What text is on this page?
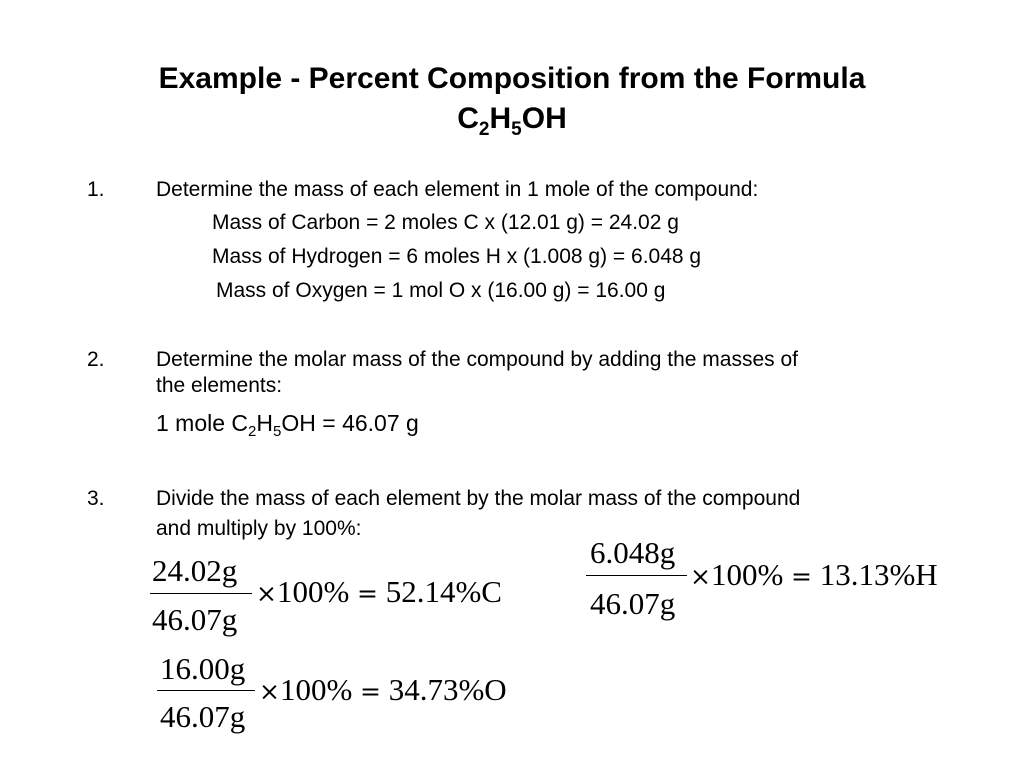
Example - Percent Composition from the Formula
$C_2H_5OH$
1. Determine the mass of each element in 1 mole of the compound:
Mass of Carbon = 2 moles C x (12.01 g) = 24.02 g
Mass of Hydrogen = 6 moles H x (1.008 g) = 6.048 g
Mass of Oxygen = 1 mol O x (16.00 g) = 16.00 g
2. Determine the molar mass of the compound by adding the masses of
the elements:
1 mole $C_2H_5OH = 46.07$ g
3. Divide the mass of each element by the molar mass of the compound
and multiply by 100%:
24.02g
46.07g
×100% = 52.14%C
6.048g
46.07g
×100% = 13.13%H
16.00g
46.07g
×100% = 34.73%O
